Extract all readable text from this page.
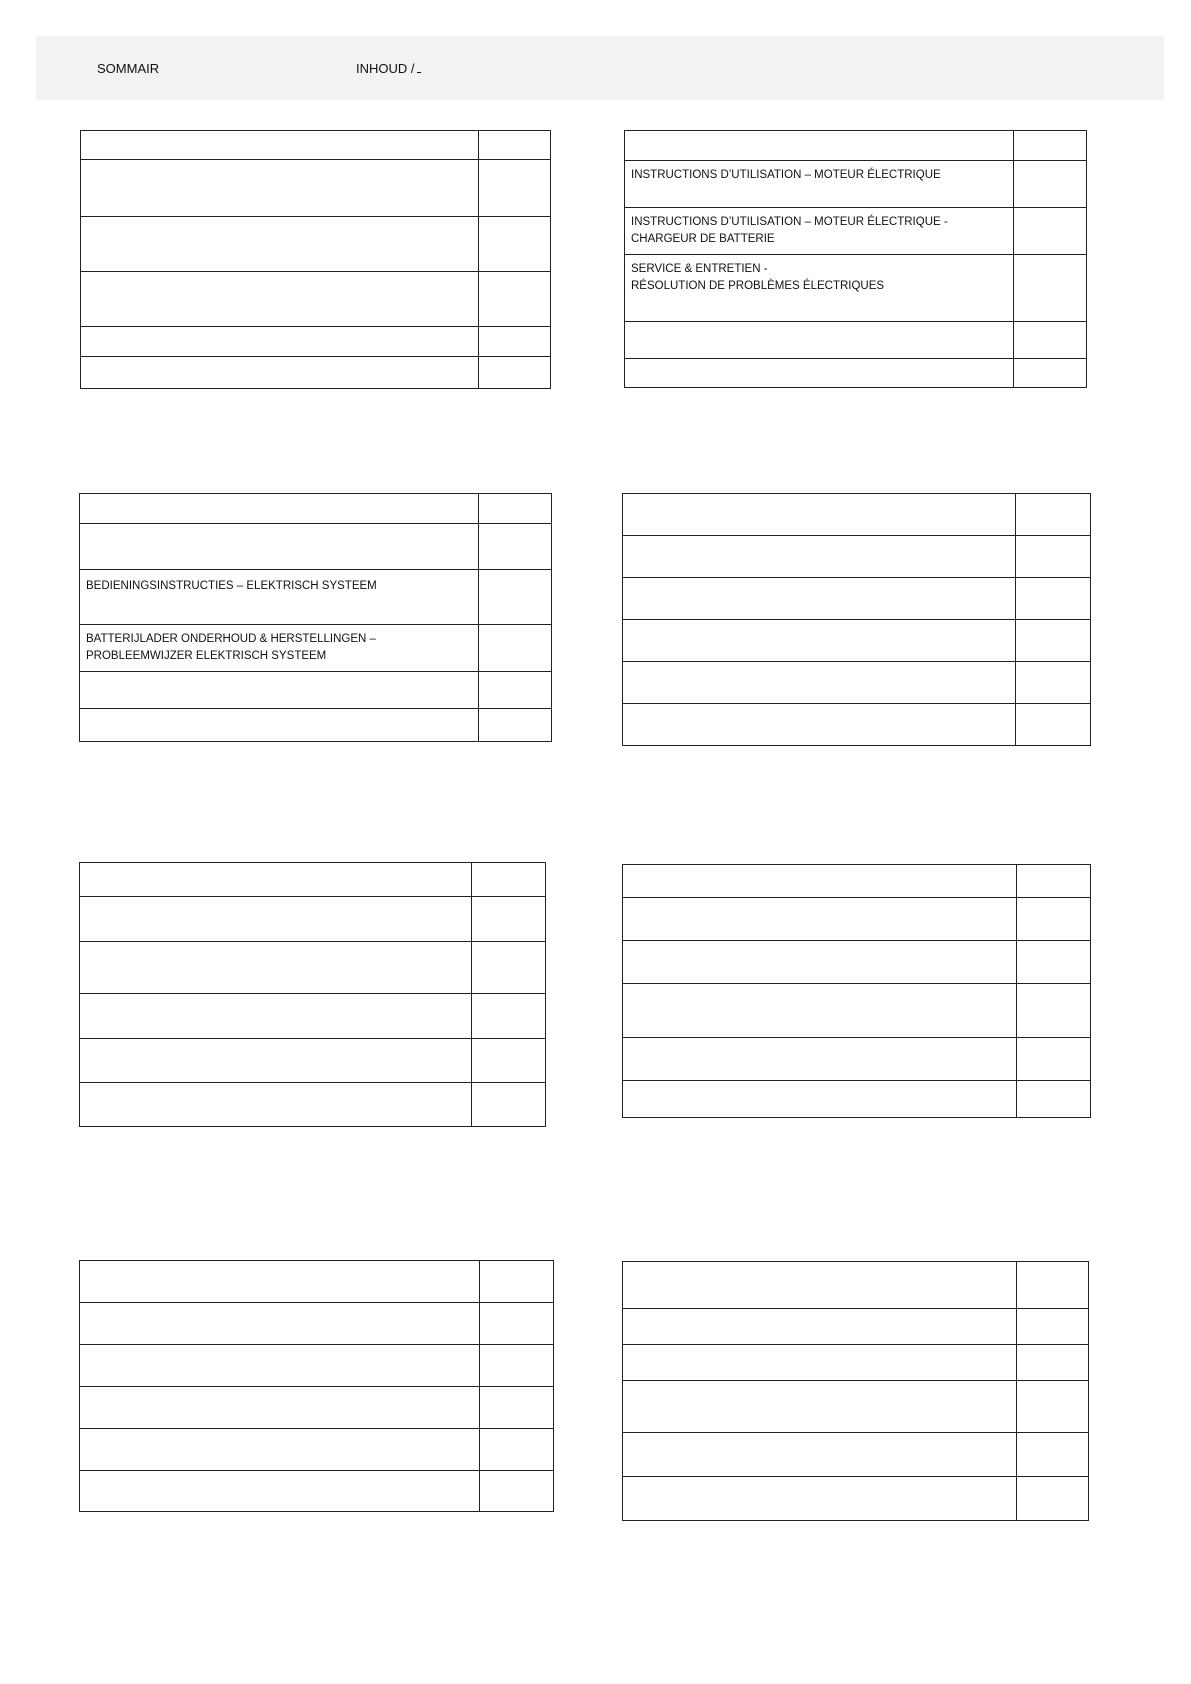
SOMMAIR	INHOUD /

INSTRUCTIONS D’UTILISATION – MOTEUR ÉLECTRIQUE	
INSTRUCTIONS D’UTILISATION – MOTEUR ÉLECTRIQUE -
CHARGEUR DE BATTERIE	
SERVICE & ENTRETIEN -
RÉSOLUTION DE PROBLÈMES ÉLECTRIQUES	

BEDIENINGSINSTRUCTIES – ELEKTRISCH SYSTEEM	
BATTERIJLADER ONDERHOUD & HERSTELLINGEN –
PROBLEEMWIJZER ELEKTRISCH SYSTEEM	
